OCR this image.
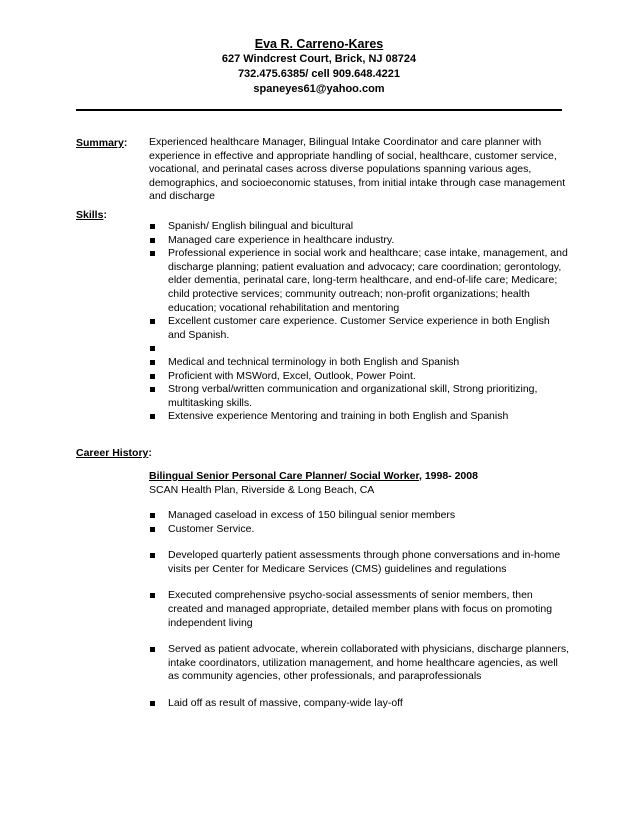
Eva R. Carreno-Kares
627 Windcrest Court, Brick, NJ 08724
732.475.6385/ cell 909.648.4221
spaneyes61@yahoo.com
Summary: Experienced healthcare Manager, Bilingual Intake Coordinator and care planner with experience in effective and appropriate handling of social, healthcare, customer service, vocational, and perinatal cases across diverse populations spanning various ages, demographics, and socioeconomic statuses, from initial intake through case management and discharge
Skills:
Spanish/ English bilingual and bicultural
Managed care experience in healthcare industry.
Professional experience in social work and healthcare; case intake, management, and discharge planning; patient evaluation and advocacy; care coordination; gerontology, elder dementia, perinatal care, long-term healthcare, and end-of-life care; Medicare; child protective services; community outreach; non-profit organizations; health education; vocational rehabilitation and mentoring
Excellent customer care experience. Customer Service experience in both English and Spanish.
Medical and technical terminology in both English and Spanish
Proficient with MSWord, Excel, Outlook, Power Point.
Strong verbal/written communication and organizational skill, Strong prioritizing, multitasking skills.
Extensive experience Mentoring and training in both English and Spanish
Career History:
Bilingual Senior Personal Care Planner/ Social Worker, 1998- 2008
SCAN Health Plan, Riverside & Long Beach, CA
Managed caseload in excess of 150 bilingual senior members
Customer Service.
Developed quarterly patient assessments through phone conversations and in-home visits per Center for Medicare Services (CMS) guidelines and regulations
Executed comprehensive psycho-social assessments of senior members, then created and managed appropriate, detailed member plans with focus on promoting independent living
Served as patient advocate, wherein collaborated with physicians, discharge planners, intake coordinators, utilization management, and home healthcare agencies, as well as community agencies, other professionals, and paraprofessionals
Laid off as result of massive, company-wide lay-off
